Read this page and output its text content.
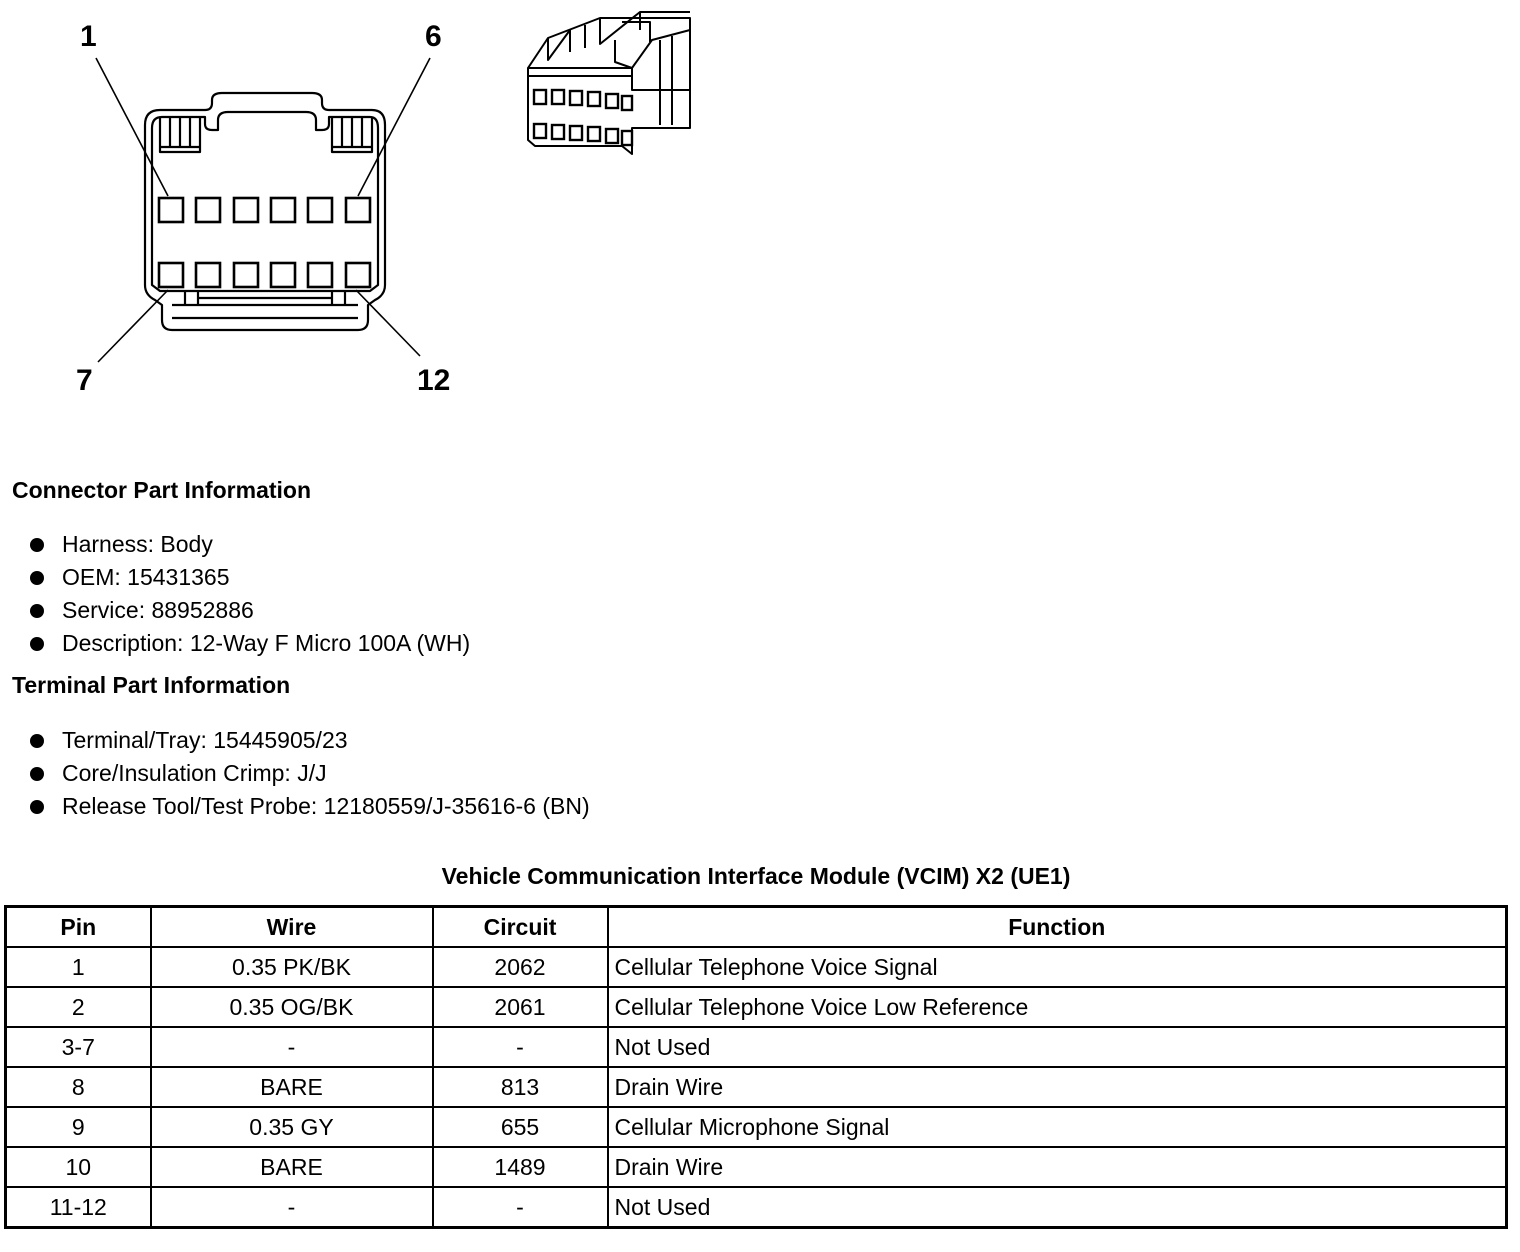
1	6
7	12
Connector Part Information
Harness: Body
OEM: 15431365
Service: 88952886
Description: 12-Way F Micro 100A (WH)
Terminal Part Information
Terminal/Tray: 15445905/23
Core/Insulation Crimp: J/J
Release Tool/Test Probe: 12180559/J-35616-6 (BN)
Vehicle Communication Interface Module (VCIM) X2 (UE1)
Pin	Wire	Circuit	Function
1	0.35 PK/BK	2062	Cellular Telephone Voice Signal
2	0.35 OG/BK	2061	Cellular Telephone Voice Low Reference
3-7	-	-	Not Used
8	BARE	813	Drain Wire
9	0.35 GY	655	Cellular Microphone Signal
10	BARE	1489	Drain Wire
11-12	-	-	Not Used
